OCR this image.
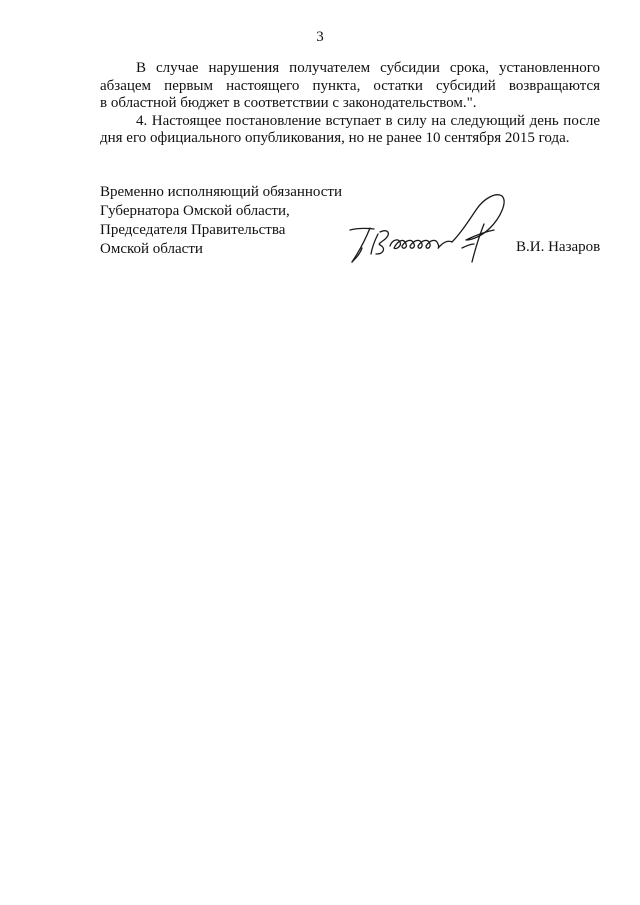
3

В случае нарушения получателем субсидии срока, установленного
абзацем первым настоящего пункта, остатки субсидий возвращаются
в областной бюджет в соответствии с законодательством.".

4. Настоящее постановление вступает в силу на следующий день после
дня его официального опубликования, но не ранее 10 сентября 2015 года.

Временно исполняющий обязанности
Губернатора Омской области,
Председателя Правительства
Омской области	В.И. Назаров
